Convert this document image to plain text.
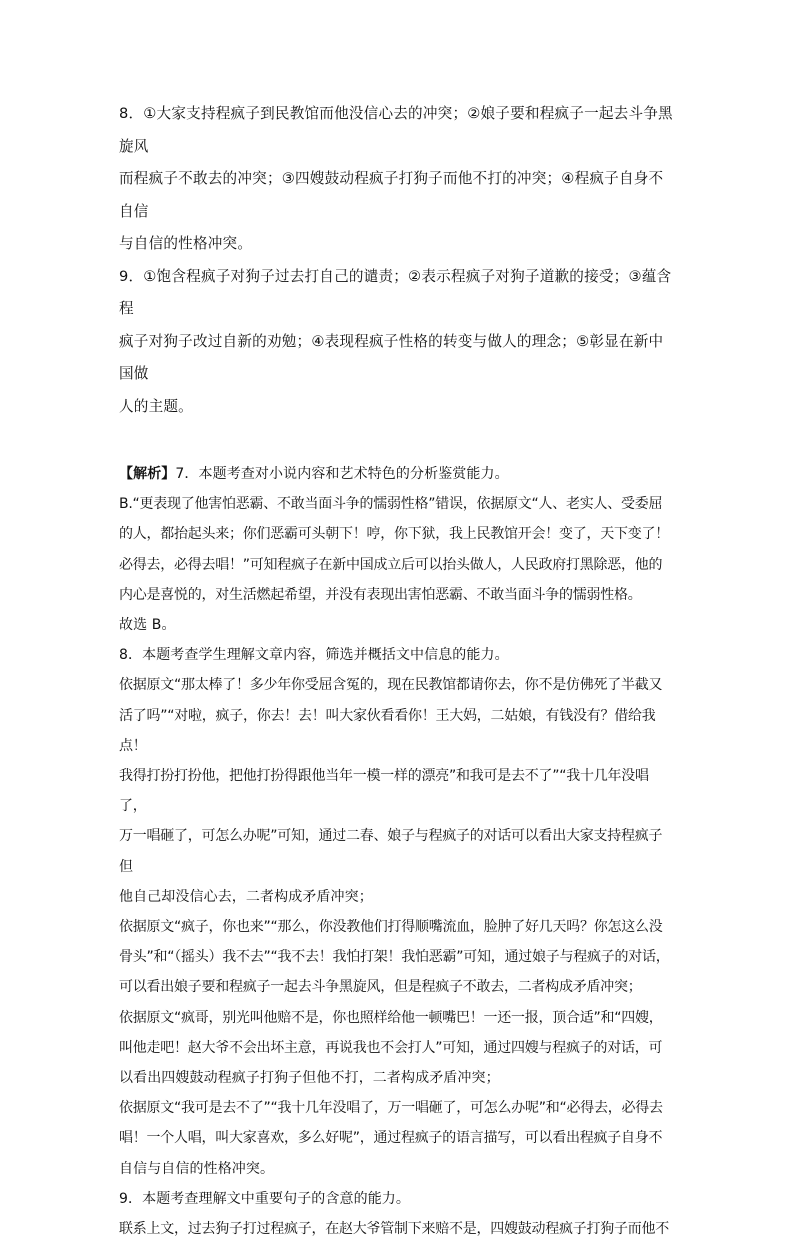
8．①大家支持程疯子到民教馆而他没信心去的冲突；②娘子要和程疯子一起去斗争黑旋风

而程疯子不敢去的冲突；③四嫂鼓动程疯子打狗子而他不打的冲突；④程疯子自身不自信

与自信的性格冲突。

9．①饱含程疯子对狗子过去打自己的谴责；②表示程疯子对狗子道歉的接受；③蕴含程

疯子对狗子改过自新的劝勉；④表现程疯子性格的转变与做人的理念；⑤彰显在新中国做

人的主题。

【解析】7．本题考查对小说内容和艺术特色的分析鉴赏能力。

B.“更表现了他害怕恶霸、不敢当面斗争的懦弱性格”错误，依据原文“人、老实人、受委屈

的人，都抬起头来；你们恶霸可头朝下！哼，你下狱，我上民教馆开会！变了，天下变了！

必得去，必得去唱！”可知程疯子在新中国成立后可以抬头做人，人民政府打黑除恶，他的

内心是喜悦的，对生活燃起希望，并没有表现出害怕恶霸、不敢当面斗争的懦弱性格。

故选 B。

8．本题考查学生理解文章内容，筛选并概括文中信息的能力。

依据原文“那太棒了！多少年你受屈含冤的，现在民教馆都请你去，你不是仿佛死了半截又

活了吗”“对啦，疯子，你去！去！叫大家伙看看你！王大妈，二姑娘，有钱没有？借给我点！

我得打扮打扮他，把他打扮得跟他当年一模一样的漂亮”和我可是去不了”“我十几年没唱了，

万一唱砸了，可怎么办呢”可知，通过二春、娘子与程疯子的对话可以看出大家支持程疯子但

他自己却没信心去，二者构成矛盾冲突；

依据原文“疯子，你也来”“那么，你没教他们打得顺嘴流血，脸肿了好几天吗？你怎这么没

骨头”和“（摇头）我不去”“我不去！我怕打架！我怕恶霸”可知，通过娘子与程疯子的对话，

可以看出娘子要和程疯子一起去斗争黑旋风，但是程疯子不敢去，二者构成矛盾冲突；

依据原文“疯哥，别光叫他赔不是，你也照样给他一顿嘴巴！一还一报，顶合适”和“四嫂，

叫他走吧！赵大爷不会出坏主意，再说我也不会打人”可知，通过四嫂与程疯子的对话，可

以看出四嫂鼓动程疯子打狗子但他不打，二者构成矛盾冲突；

依据原文“我可是去不了”“我十几年没唱了，万一唱砸了，可怎么办呢”和“必得去，必得去

唱！一个人唱，叫大家喜欢，多么好呢”，通过程疯子的语言描写，可以看出程疯子自身不

自信与自信的性格冲突。

9．本题考查理解文中重要句子的含意的能力。

联系上文，过去狗子打过程疯子，在赵大爷管制下来赔不是，四嫂鼓动程疯子打狗子而他不
